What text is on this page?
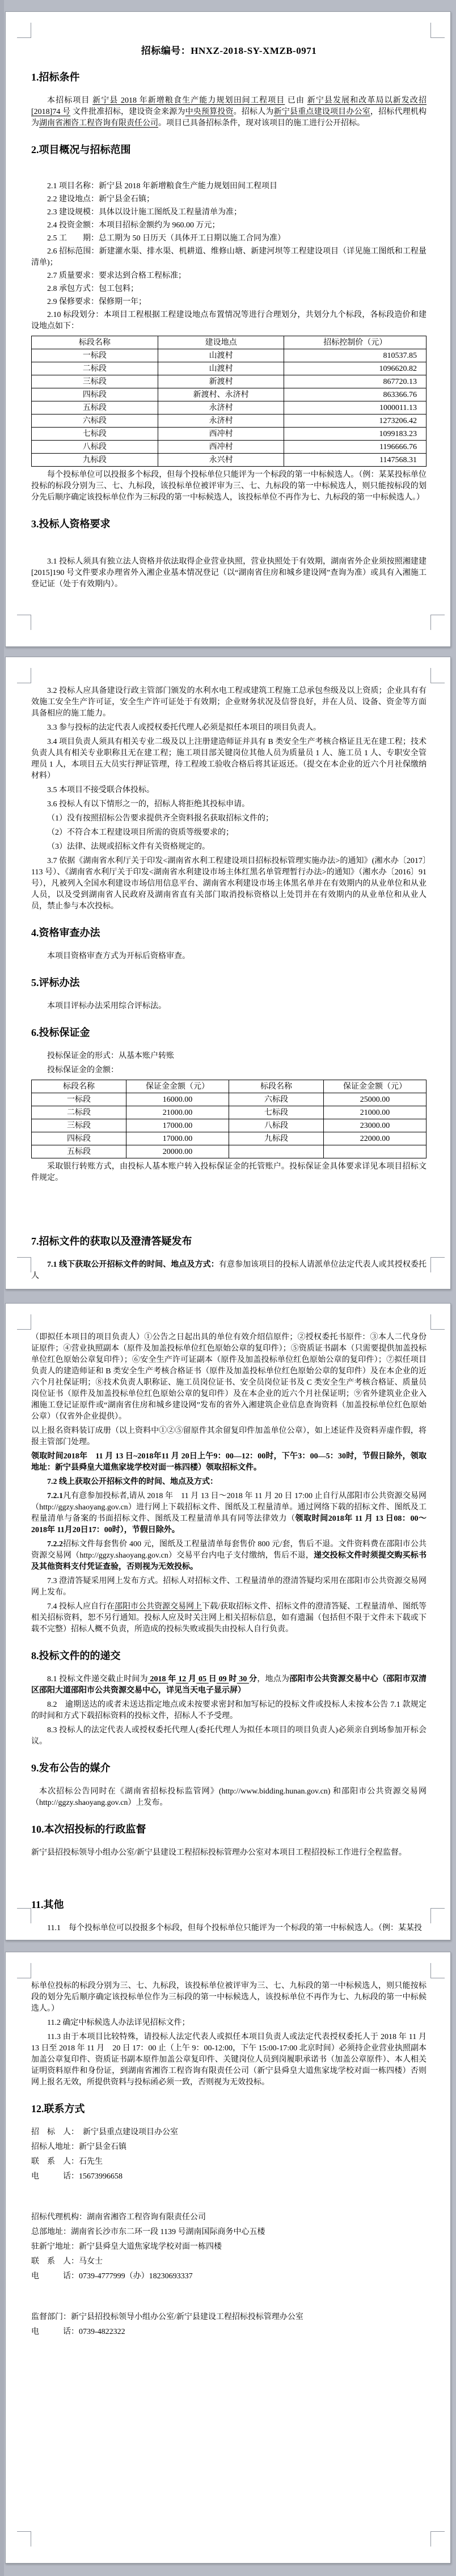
招标编号：HNXZ-2018-SY-XMZB-0971
1.招标条件
本招标项目 新宁县 2018 年新增粮食生产能力规划田间工程项目 已由 新宁县发展和改革局以新发改招[2018]74 号 文件批准招标，建设资金来源为中央预算投资。招标人为新宁县重点建设项目办公室，招标代理机构为湖南省湘咨工程咨询有限责任公司。项目已具备招标条件，现对该项目的施工进行公开招标。
2.项目概况与招标范围
2.1 项目名称：新宁县 2018 年新增粮食生产能力规划田间工程项目
2.2 建设地点：新宁县金石镇；
2.3 建设规模：具体以设计施工图纸及工程量清单为准；
2.4 投资金额：本项目招标金额约为 960.00 万元；
2.5 工　　期：总工期为 50 日历天（具体开工日期以施工合同为准）
2.6 招标范围：新建灌水渠、排水渠、机耕道、维修山塘、新建河坝等工程建设项目（详见施工图纸和工程量清单)；
2.7 质量要求：要求达到合格工程标准；
2.8 承包方式：包工包料；
2.9 保修要求：保修期一年；
2.10 标段划分：本项目工程根据工程建设地点布置情况等进行合理划分，共划分九个标段，各标段造价和建设地点如下：
标段名称	建设地点	招标控制价（元）
一标段	山渡村	810537.85
二标段	山渡村	1096620.82
三标段	新渡村	867720.13
四标段	新渡村、永济村	863366.76
五标段	永济村	1000011.13
六标段	永济村	1273206.42
七标段	西冲村	1099183.23
八标段	西冲村	1196666.76
九标段	永兴村	1147568.31
每个投标单位可以投报多个标段，但每个投标单位只能评为一个标段的第一中标候选人。（例：某某投标单位投标的标段分别为三、七、九标段，该投标单位被评审为三、七、九标段的第一中标候选人，则只能按标段的划分先后顺序确定该投标单位作为三标段的第一中标候选人，该投标单位不再作为七、九标段的第一中标候选人。）
3.投标人资格要求
3.1 投标人须具有独立法人资格并依法取得企业营业执照，营业执照处于有效期，湖南省外企业须按照湘建建[2015]190 号文件要求办理省外入湘企业基本情况登记（以“湖南省住房和城乡建设网”查询为准）或具有入湘施工登记证（处于有效期内）。
3.2 投标人应具备建设行政主管部门颁发的水利水电工程或建筑工程施工总承包叁级及以上资质；企业具有有效施工安全生产许可证，安全生产许可证处于有效期；企业财务状况及信誉良好，并在人员、设备、资金等方面具备相应的施工能力。
3.3 参与投标的法定代表人或授权委托代理人必须是拟任本项目的项目负责人。
3.4 项目负责人须具有相关专业二级及以上注册建造师证并具有 B 类安全生产考核合格证且无在建工程；技术负责人具有相关专业职称且无在建工程；施工项目部关键岗位其他人员为质量员 1 人、施工员 1 人、专职安全管理员 1 人，本项目五大员实行押证管理，待工程竣工验收合格后将其证返还。（提交在本企业的近六个月社保缴纳材料）
3.5 本项目不接受联合体投标。
3.6 投标人有以下情形之一的，招标人将拒绝其投标申请。
（1）没有按照招标公告要求提供齐全资料报名获取招标文件的；
（2）不符合本工程建设项目所需的资质等级要求的；
（3）法律、法规或招标文件有关资格规定的。
3.7 依据《湖南省水利厅关于印发<湖南省水利工程建设项目招标投标管理实施办法>的通知》(湘水办〔2017〕113 号）、《湖南省水利厅关于印发<湖南省水利建设市场主体红黑名单管理暂行办法>的通知》（湘水办〔2016〕91 号），凡被列入全国水利建设市场信用信息平台、湖南省水利建设市场主体黑名单并在有效期内的从业单位和从业人员，以及受到湖南省人民政府及湖南省直有关部门取消投标资格以上处罚并在有效期内的从业单位和从业人员，禁止参与本次投标。
4.资格审查办法
本项目资格审查方式为开标后资格审查。
5.评标办法
本项目评标办法采用综合评标法。
6.投标保证金
投标保证金的形式：从基本账户转账
投标保证金的金额：
标段名称	保证金金额（元）	标段名称	保证金金额（元）
一标段	16000.00	六标段	25000.00
二标段	21000.00	七标段	21000.00
三标段	17000.00	八标段	23000.00
四标段	17000.00	九标段	22000.00
五标段	20000.00		
采取银行转账方式，由投标人基本账户转入投标保证金的托管账户。投标保证金具体要求详见本项目招标文件规定。
7.招标文件的获取以及澄清答疑发布
7.1 线下获取公开招标文件的时间、地点及方式：有意参加该项目的投标人请派单位法定代表人或其授权委托人
（即拟任本项目的项目负责人）①公告之日起出具的单位有效介绍信原件；②授权委托书原件：③本人二代身份证原件；④营业执照副本（原件及加盖投标单位红色原始公章的复印件）；⑤资质证书副本（只需要提供加盖投标单位红色原始公章复印件）；⑥安全生产许可证副本（原件及加盖投标单位红色原始公章的复印件）；⑦拟任项目负责人的建造师证和 B 类安全生产考核合格证书（原件及加盖投标单位红色原始公章的复印件）及在本企业的近六个月社保证明；⑧技术负责人职称证、施工员岗位证书、安全员岗位证书及 C 类安全生产考核合格证、质量员岗位证书（原件及加盖投标单位红色原始公章的复印件）及在本企业的近六个月社保证明；⑨省外建筑业企业入湘施工登记证原件或“湖南省住房和城乡建设网”发布的省外入湘建筑企业信息查询资料（加盖投标单位红色原始公章）（仅省外企业提供）。
以上报名资料装订成册（以上资料中①②⑤留原件其余留复印件加盖单位公章），如上述证件及资料弄虚作假，将报主管部门处理。
领取时间2018年　11 月 13 日~2018年11 月 20日上午9：00—12：00时，下午3：00—5：30时，节假日除外，领取地址：新宁县舜皇大道焦家垅学校对面一栋四楼）领取招标文件。
7.2 线上获取公开招标文件的时间、地点及方式：
7.2.1凡有意参加投标者,请从 2018 年　11 月 13 日～2018 年 11 月 20 日 17:00 止自行从邵阳市公共资源交易网（http://ggzy.shaoyang.gov.cn）进行网上下载招标文件、图纸及工程量清单。通过网络下载的招标文件、图纸及工程量清单与备案的书面招标文件、图纸及工程量清单具有同等法律效力（领取时间2018年 11 月 13 日08：00～2018年 11月20日17：00时），节假日除外。
7.2.2招标文件每套售价 400 元，图纸及工程量清单每套售价 800 元/套，售后不退。文件资料费在邵阳市公共资源交易网（http://ggzy.shaoyang.gov.cn）交易平台内电子支付缴纳，售后不退，递交投标文件时须提交购买标书及其他资料支付凭证查验，否则视为无效投标。
7.3 澄清答疑采用网上发布方式。招标人对招标文件、工程量清单的澄清答疑均采用在邵阳市公共资源交易网网上发布。
7.4 投标人应自行在邵阳市公共资源交易网上下载/获取招标文件、招标文件的澄清答疑、工程量清单、图纸等相关招标资料，恕不另行通知。投标人应及时关注网上相关招标信息，如有遗漏（包括但不限于文件未下载或下载不完整）招标人概不负责，所造成的投标失败或损失由投标人自行负责。
8.投标文件的的递交
8.1 投标文件递交截止时间为 2018 年 12 月 05 日 09 时 30 分，地点为邵阳市公共资源交易中心（邵阳市双清区邵阳大道邵阳市公共资源交易中心，详见当天电子显示屏）
8.2　逾期送达的或者未送达指定地点或未按要求密封和加写标记的投标文件或投标人未按本公告 7.1 款规定的时间和方式下载招标资料的投标文件，招标人不予受理。
8.3 投标人的法定代表人或授权委托代理人(委托代理人为拟任本项目的项目负责人)必须亲自到场参加开标会议。
9.发布公告的媒介
本次招标公告同时在《湖南省招标投标监管网》(http://www.bidding.hunan.gov.cn) 和邵阳市公共资源交易网（http://ggzy.shaoyang.gov.cn）上发布。
10.本次招投标的行政监督
新宁县招投标领导小组办公室/新宁县建设工程招标投标管理办公室对本项目工程招投标工作进行全程监督。
11.其他
11.1　每个投标单位可以投报多个标段，但每个投标单位只能评为一个标段的第一中标候选人。（例：某某投
标单位投标的标段分别为三、七、九标段，该投标单位被评审为三、七、九标段的第一中标候选人，则只能按标段的划分先后顺序确定该投标单位作为三标段的第一中标候选人，该投标单位不再作为七、九标段的第一中标候选人。）
11.2 确定中标候选人办法详见招标文件；
11.3 由于本项目比较特殊，请投标人法定代表人或拟任本项目负责人或法定代表授权委托人于 2018 年 11 月 13 日至 2018 年 11 月　20 日 17：00 止（上午 9：00-12:00，下午 15:00-17:00 北京时间）必须持企业营业执照副本加盖公章复印件、资质证书副本原件加盖公章复印件、关键岗位人员到岗履职承诺书（加盖公章原件）、本人相关证明资料原件和身份证，到湖南省湘咨工程咨询有限责任公司（新宁县舜皇大道焦家垅学校对面一栋四楼）否则网上报名无效，所提供资料与投标函必须一致，否则视为无效投标。
12.联系方式
招　标　人：　新宁县重点建设项目办公室
招标人地址：新宁县金石镇
联　系　人：石先生
电　　　话：15673996658
招标代理机构：湖南省湘咨工程咨询有限责任公司
总部地址：湖南省长沙市东二环一段 1139 号湖南国际商务中心五楼
驻新宁地址：新宁县舜皇大道焦家垅学校对面一栋四楼
联　系　人：马女士
电　　　话：0739-4777999（办）18230693337
监督部门：新宁县招投标领导小组办公室/新宁县建设工程招标投标管理办公室
电　　　话：0739-4822322
